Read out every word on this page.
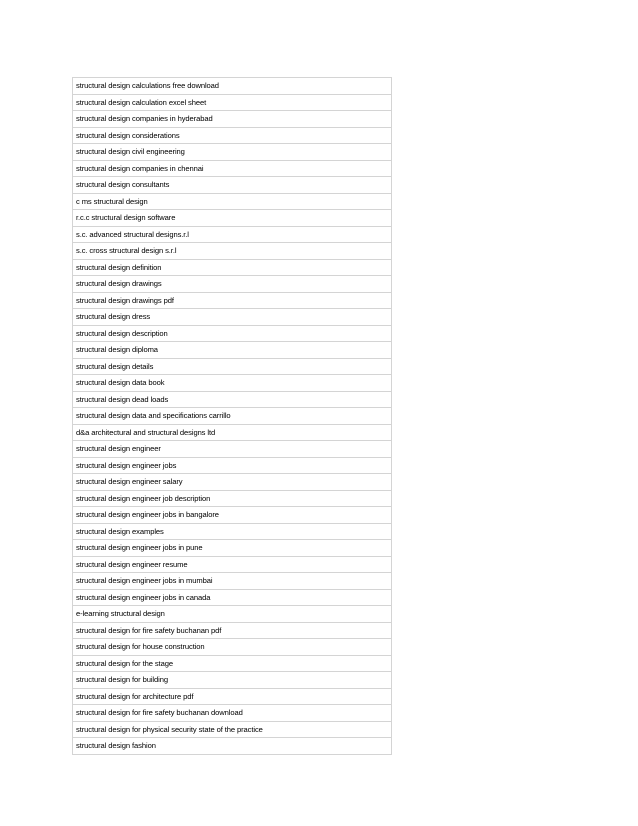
structural design calculations free download
structural design calculation excel sheet
structural design companies in hyderabad
structural design considerations
structural design civil engineering
structural design companies in chennai
structural design consultants
c ms structural design
r.c.c structural design software
s.c. advanced structural designs.r.l
s.c. cross structural design s.r.l
structural design definition
structural design drawings
structural design drawings pdf
structural design dress
structural design description
structural design diploma
structural design details
structural design data book
structural design dead loads
structural design data and specifications carrillo
d&a architectural and structural designs ltd
structural design engineer
structural design engineer jobs
structural design engineer salary
structural design engineer job description
structural design engineer jobs in bangalore
structural design examples
structural design engineer jobs in pune
structural design engineer resume
structural design engineer jobs in mumbai
structural design engineer jobs in canada
e-learning structural design
structural design for fire safety buchanan pdf
structural design for house construction
structural design for the stage
structural design for building
structural design for architecture pdf
structural design for fire safety buchanan download
structural design for physical security state of the practice
structural design fashion
